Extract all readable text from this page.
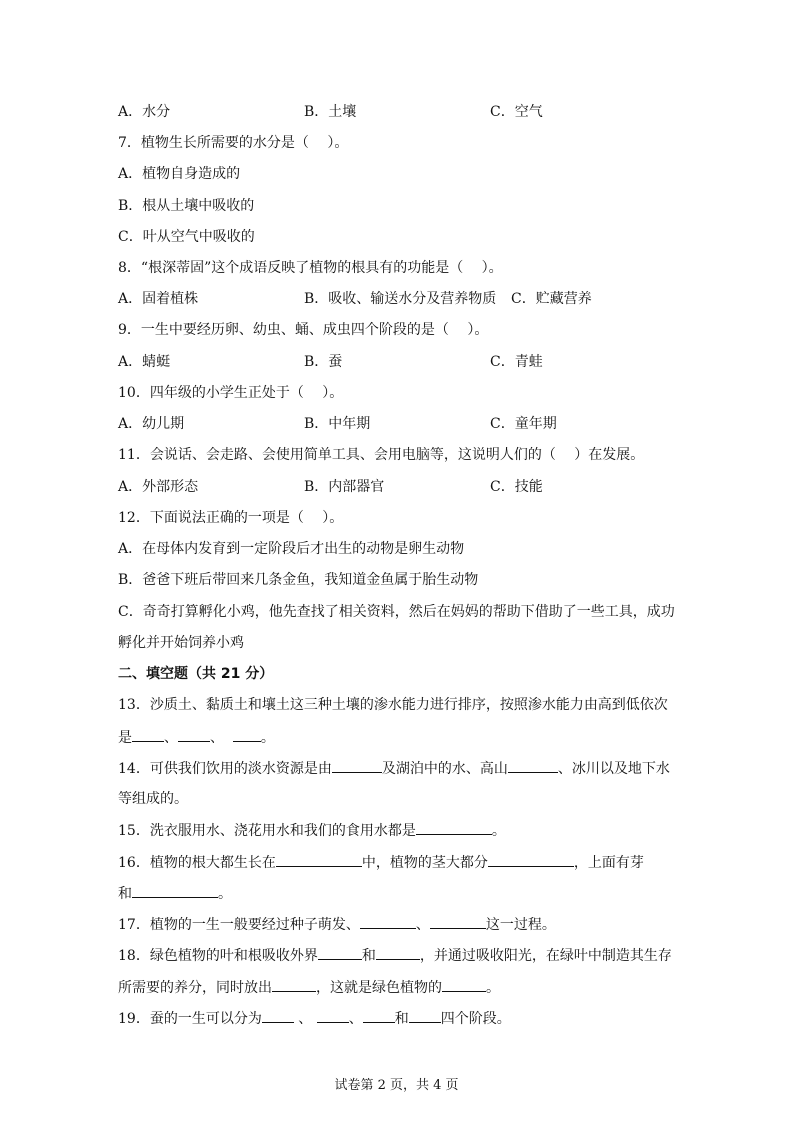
A．水分	B．土壤	C．空气
7．植物生长所需要的水分是（　 ）。
A．植物自身造成的
B．根从土壤中吸收的
C．叶从空气中吸收的
8．“根深蒂固”这个成语反映了植物的根具有的功能是（　 ）。
A．固着植株	B．吸收、输送水分及营养物质 C．贮藏营养
9．一生中要经历卵、幼虫、蛹、成虫四个阶段的是（　 ）。
A．蜻蜓	B．蚕	C．青蛙
10．四年级的小学生正处于（　 ）。
A．幼儿期	B．中年期	C．童年期
11．会说话、会走路、会使用简单工具、会用电脑等，这说明人们的（　 ）在发展。
A．外部形态	B．内部器官	C．技能
12．下面说法正确的一项是（　 ）。
A．在母体内发育到一定阶段后才出生的动物是卵生动物
B．爸爸下班后带回来几条金鱼，我知道金鱼属于胎生动物
C．奇奇打算孵化小鸡，他先查找了相关资料，然后在妈妈的帮助下借助了一些工具，成功
孵化并开始饲养小鸡
二、填空题（共 21 分）
13．沙质土、黏质土和壤土这三种土壤的渗水能力进行排序，按照渗水能力由高到低依次
是 、 、	。
14．可供我们饮用的淡水资源是由	及湖泊中的水、高山	、冰川以及地下水
等组成的。
15．洗衣服用水、浇花用水和我们的食用水都是	。
16．植物的根大都生长在	中，植物的茎大都分	，上面有芽
和	。
17．植物的一生一般要经过种子萌发、	、	这一过程。
18．绿色植物的叶和根吸收外界	和	，并通过吸收阳光，在绿叶中制造其生存
所需要的养分，同时放出	，这就是绿色植物的	。
19．蚕的一生可以分为 、	、 和 四个阶段。
试卷第 2 页，共 4 页
